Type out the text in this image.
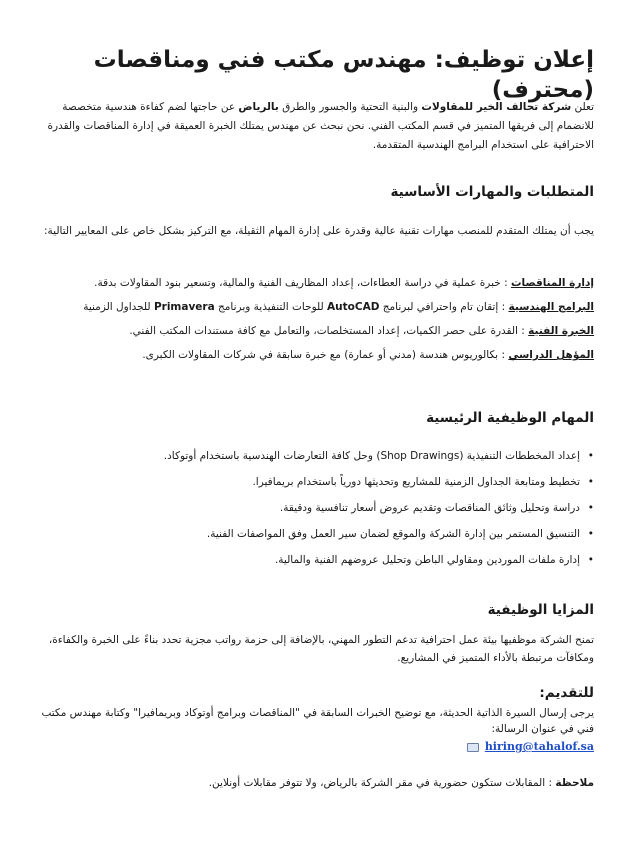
إعلان توظيف: مهندس مكتب فني ومناقصات (محترف)
تعلن شركة تحالف الخير للمقاولات والبنية التحتية والجسور والطرق بالرياض عن حاجتها لضم كفاءة هندسية متخصصة للانضمام إلى فريقها المتميز في قسم المكتب الفني. نحن نبحث عن مهندس يمتلك الخبرة العميقة في إدارة المناقصات والقدرة الاحترافية على استخدام البرامج الهندسية المتقدمة.
المتطلبات والمهارات الأساسية
يجب أن يمتلك المتقدم للمنصب مهارات تقنية عالية وقدرة على إدارة المهام الثقيلة، مع التركيز بشكل خاص على المعايير التالية:
إدارة المناقصات : خبرة عملية في دراسة العطاءات، إعداد المظاريف الفنية والمالية، وتسعير بنود المقاولات بدقة.
البرامج الهندسية : إتقان تام واحترافي لبرنامج AutoCAD للوحات التنفيذية وبرنامج Primavera للجداول الزمنية
الخبرة الفنية : القدرة على حصر الكميات، إعداد المستخلصات، والتعامل مع كافة مستندات المكتب الفني.
المؤهل الدراسي : بكالوريوس هندسة (مدني أو عمارة) مع خبرة سابقة في شركات المقاولات الكبرى.
المهام الوظيفية الرئيسية
•
إعداد المخططات التنفيذية (Shop Drawings) وحل كافة التعارضات الهندسية باستخدام أوتوكاد.
•
تخطيط ومتابعة الجداول الزمنية للمشاريع وتحديثها دورياً باستخدام بريمافيرا.
•
دراسة وتحليل وثائق المناقصات وتقديم عروض أسعار تنافسية ودقيقة.
•
التنسيق المستمر بين إدارة الشركة والموقع لضمان سير العمل وفق المواصفات الفنية.
•
إدارة ملفات الموردين ومقاولي الباطن وتحليل عروضهم الفنية والمالية.
المزايا الوظيفية
تمنح الشركة موظفيها بيئة عمل احترافية تدعم التطور المهني، بالإضافة إلى حزمة رواتب مجزية تحدد بناءً على الخبرة والكفاءة، ومكافآت مرتبطة بالأداء المتميز في المشاريع.
للتقديم:
يرجى إرسال السيرة الذاتية الحديثة، مع توضيح الخبرات السابقة في "المناقصات وبرامج أوتوكاد وبريمافيرا" وكتابة مهندس مكتب فني في عنوان الرسالة:
hiring@tahalof.sa
ملاحظة : المقابلات ستكون حضورية في مقر الشركة بالرياض، ولا تتوفر مقابلات أونلاين.
